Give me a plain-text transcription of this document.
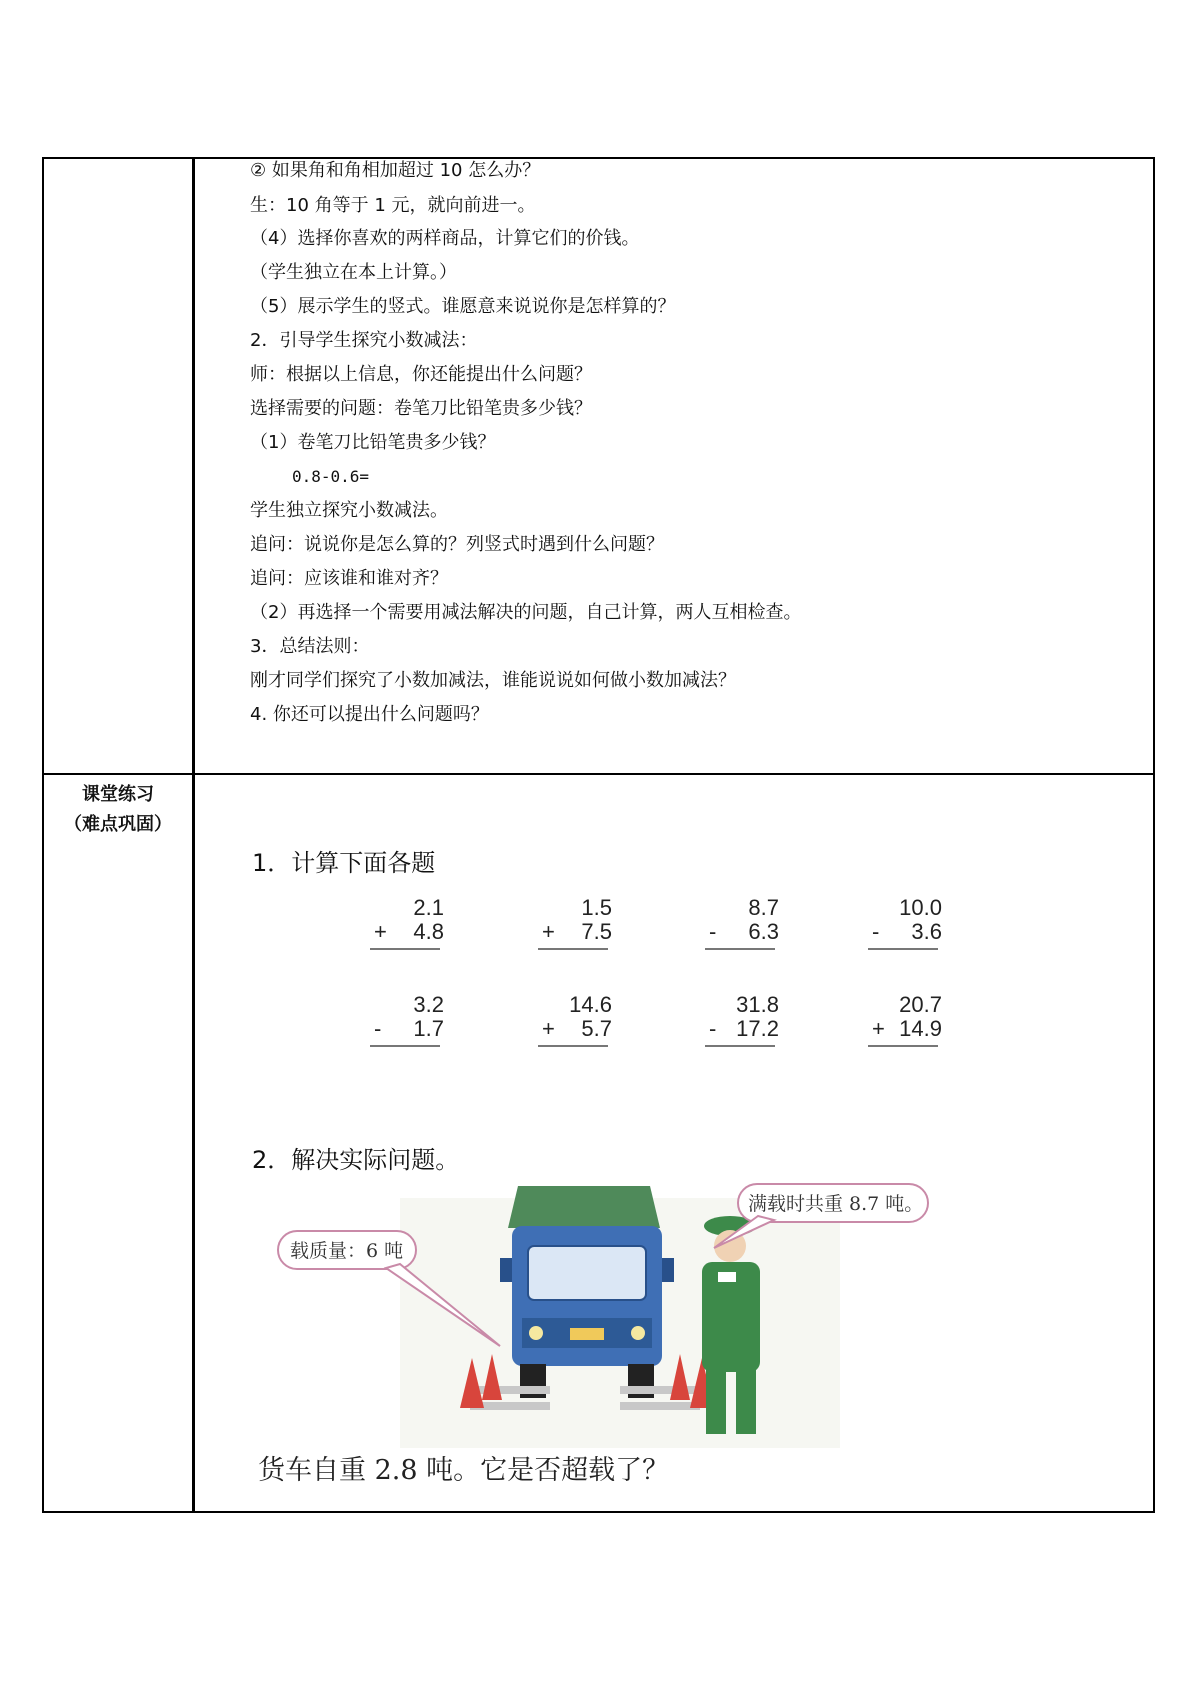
② 如果角和角相加超过 10 怎么办？
生：10 角等于 1 元，就向前进一。
（4）选择你喜欢的两样商品，计算它们的价钱。
（学生独立在本上计算。）
（5）展示学生的竖式。谁愿意来说说你是怎样算的？
2．引导学生探究小数减法：
师：根据以上信息，你还能提出什么问题？
选择需要的问题：卷笔刀比铅笔贵多少钱？
（1）卷笔刀比铅笔贵多少钱？
0.8-0.6=
学生独立探究小数减法。
追问：说说你是怎么算的？列竖式时遇到什么问题？
追问：应该谁和谁对齐？
（2）再选择一个需要用减法解决的问题，自己计算，两人互相检查。
3．总结法则：
刚才同学们探究了小数加减法，谁能说说如何做小数加减法？
4. 你还可以提出什么问题吗？
课堂练习
（难点巩固）
1．计算下面各题
2.1
+ 4.8
1.5
+ 7.5
8.7
- 6.3
10.0
- 3.6
3.2
- 1.7
14.6
+ 5.7
31.8
- 17.2
20.7
+ 14.9
2．解决实际问题。
载质量：6 吨
满载时共重 8.7 吨。
货车自重 2.8 吨。它是否超载了？
